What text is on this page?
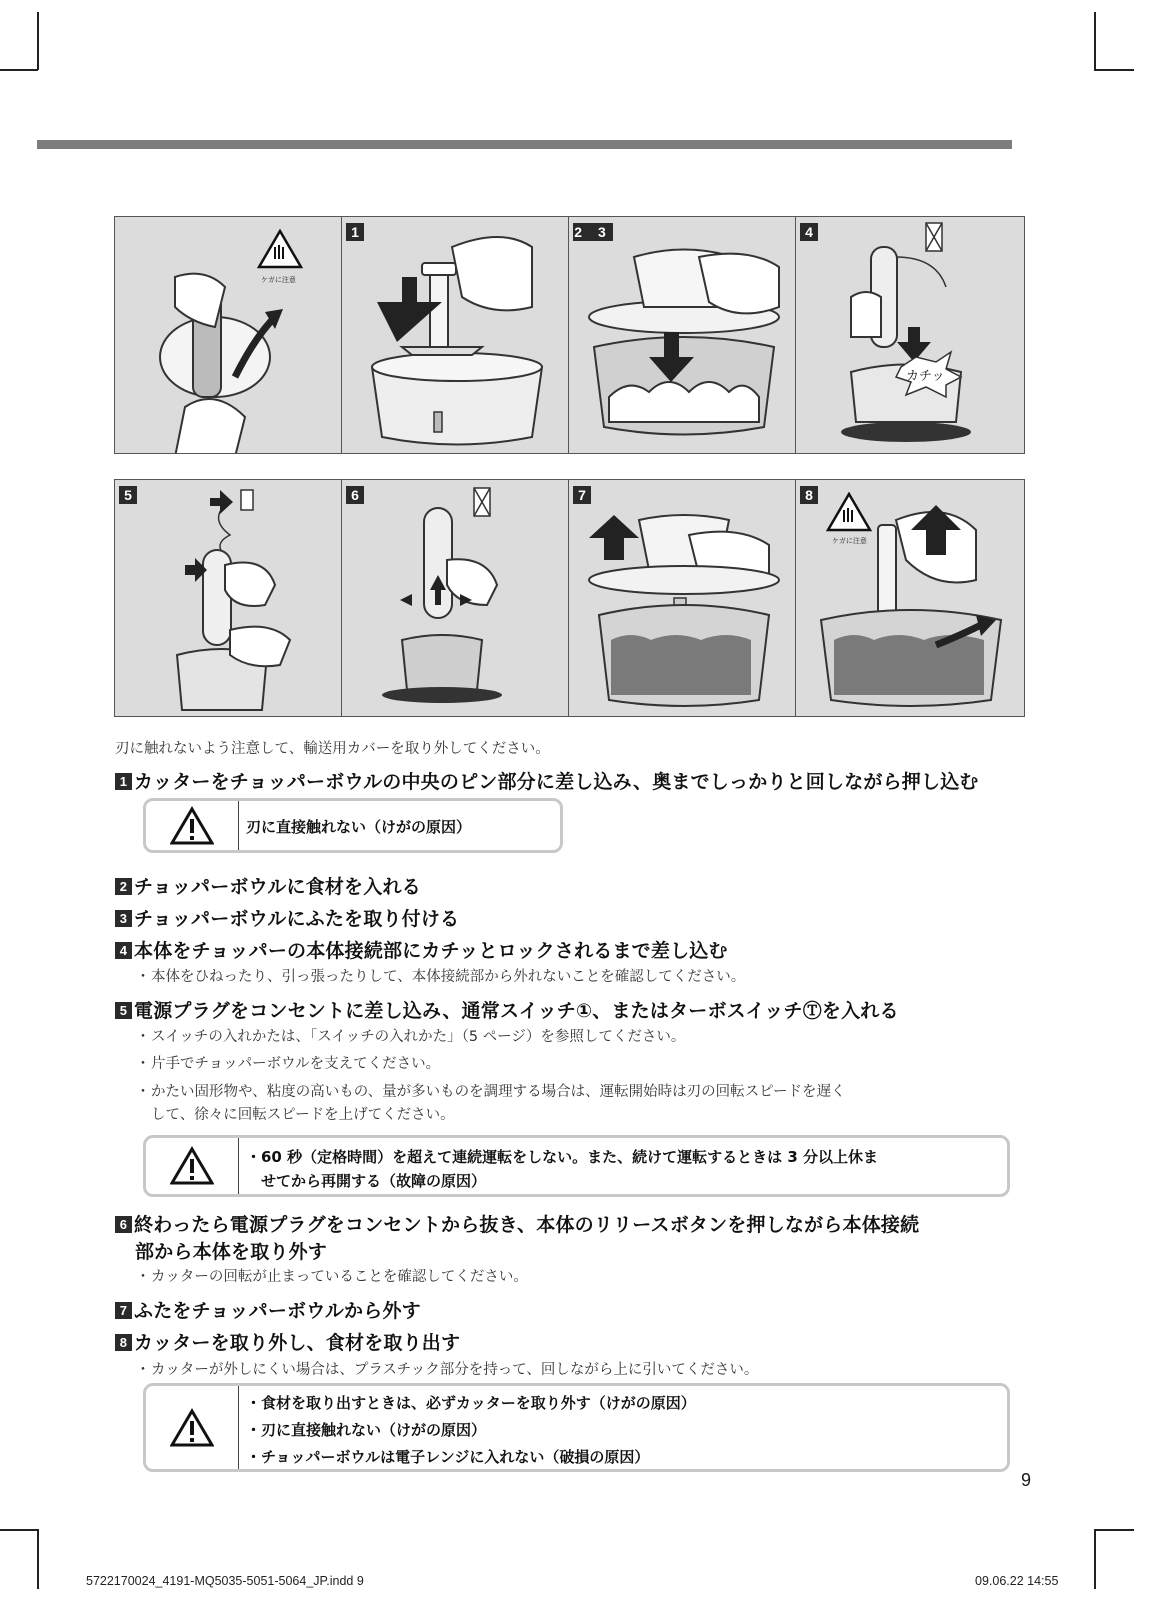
ケガに注意
1	2 3	4
カチッ
5	6	7	8
ケガに注意
刃に触れないよう注意して、輸送用カバーを取り外してください。
1 カッターをチョッパーボウルの中央のピン部分に差し込み、奥までしっかりと回しながら押し込む
刃に直接触れない（けがの原因）
2 チョッパーボウルに食材を入れる
3 チョッパーボウルにふたを取り付ける
4 本体をチョッパーの本体接続部にカチッとロックされるまで差し込む
・本体をひねったり、引っ張ったりして、本体接続部から外れないことを確認してください。
5 電源プラグをコンセントに差し込み、通常スイッチ①、またはターボスイッチⓉを入れる
・スイッチの入れかたは、「スイッチの入れかた」（5 ページ）を参照してください。
・片手でチョッパーボウルを支えてください。
・かたい固形物や、粘度の高いもの、量が多いものを調理する場合は、運転開始時は刃の回転スピードを遅く
して、徐々に回転スピードを上げてください。
・60 秒（定格時間）を超えて連続運転をしない。また、続けて運転するときは 3 分以上休ま
　せてから再開する（故障の原因）
6 終わったら電源プラグをコンセントから抜き、本体のリリースボタンを押しながら本体接続
部から本体を取り外す
・カッターの回転が止まっていることを確認してください。
7 ふたをチョッパーボウルから外す
8 カッターを取り外し、食材を取り出す
・カッターが外しにくい場合は、プラスチック部分を持って、回しながら上に引いてください。
・食材を取り出すときは、必ずカッターを取り外す（けがの原因）
・刃に直接触れない（けがの原因）
・チョッパーボウルは電子レンジに入れない（破損の原因）
9
5722170024_4191-MQ5035-5051-5064_JP.indd 9	09.06.22 14:55
